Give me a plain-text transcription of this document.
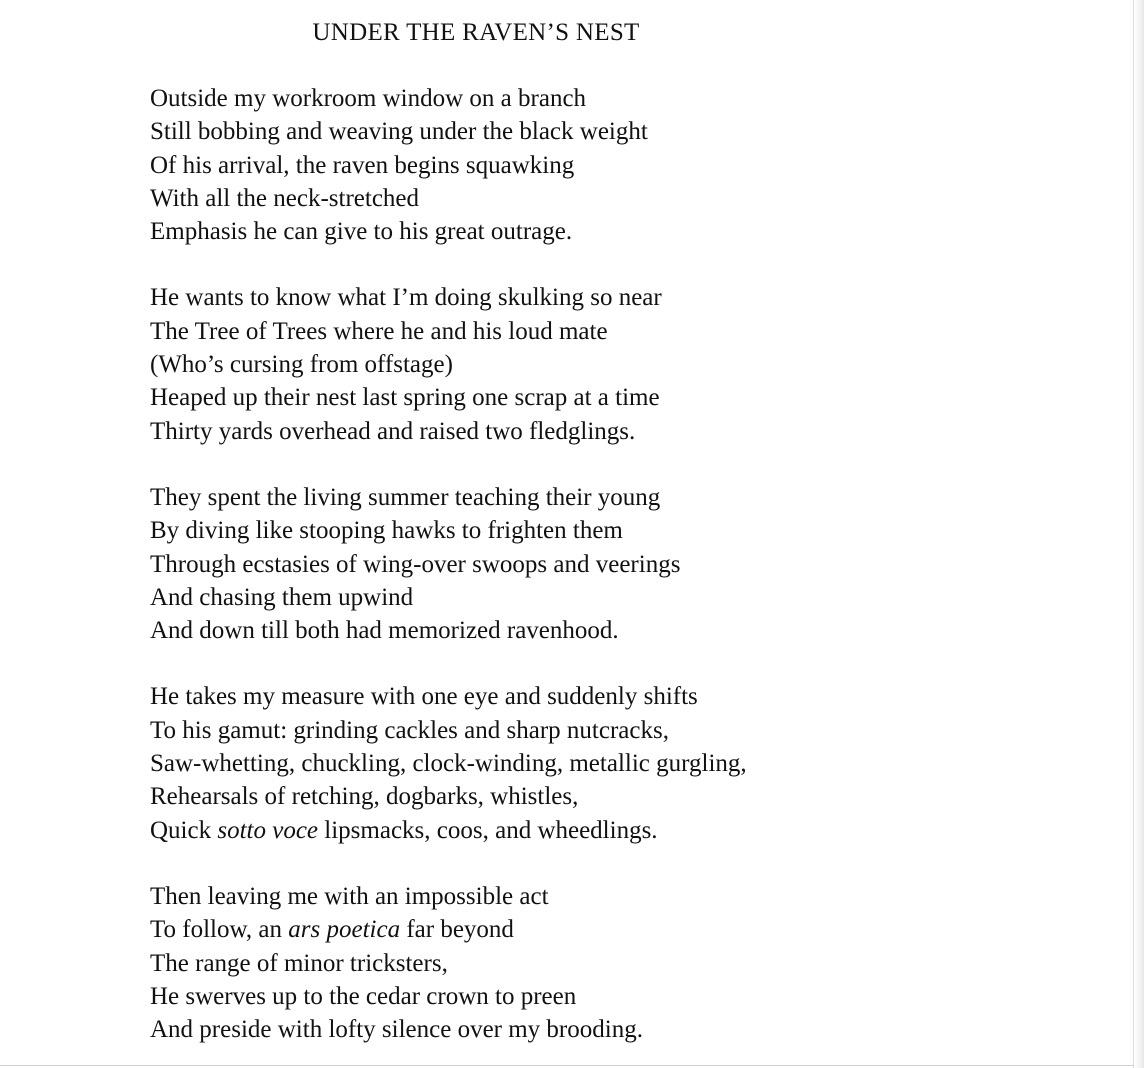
UNDER THE RAVEN’S NEST
Outside my workroom window on a branch
Still bobbing and weaving under the black weight
Of his arrival, the raven begins squawking
With all the neck-stretched
Emphasis he can give to his great outrage.
He wants to know what I’m doing skulking so near
The Tree of Trees where he and his loud mate
(Who’s cursing from offstage)
Heaped up their nest last spring one scrap at a time
Thirty yards overhead and raised two fledglings.
They spent the living summer teaching their young
By diving like stooping hawks to frighten them
Through ecstasies of wing-over swoops and veerings
And chasing them upwind
And down till both had memorized ravenhood.
He takes my measure with one eye and suddenly shifts
To his gamut: grinding cackles and sharp nutcracks,
Saw-whetting, chuckling, clock-winding, metallic gurgling,
Rehearsals of retching, dogbarks, whistles,
Quick sotto voce lipsmacks, coos, and wheedlings.
Then leaving me with an impossible act
To follow, an ars poetica far beyond
The range of minor tricksters,
He swerves up to the cedar crown to preen
And preside with lofty silence over my brooding.
